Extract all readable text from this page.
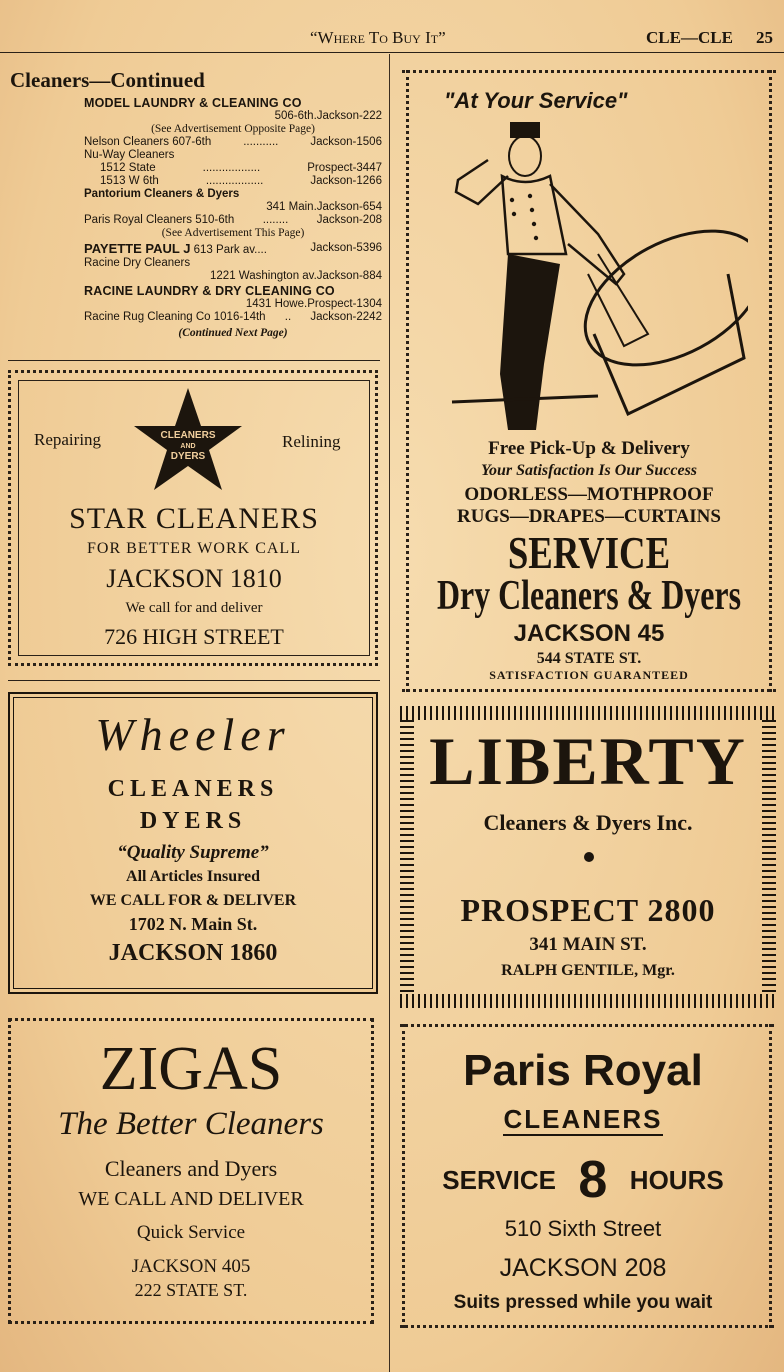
“Where To Buy It”	CLE—CLE 25
Cleaners—Continued
MODEL LAUNDRY & CLEANING CO
506-6th. Jackson-222
(See Advertisement Opposite Page)
Nelson Cleaners 607-6th	...........	Jackson-1506
Nu-Way Cleaners
1512 State	..................	Prospect-3447
1513 W 6th	..................	Jackson-1266
Pantorium Cleaners & Dyers
341 Main. Jackson-654
Paris Royal Cleaners 510-6th ........ Jackson-208
(See Advertisement This Page)
PAYETTE PAUL J 613 Park av....	Jackson-5396
Racine Dry Cleaners
1221 Washington av. Jackson-884
RACINE LAUNDRY & DRY CLEANING CO
1431 Howe. Prospect-1304
Racine Rug Cleaning Co 1016-14th .. Jackson-2242
(Continued Next Page)
Repairing	Relining
CLEANERS
AND
DYERS
STAR CLEANERS
FOR BETTER WORK CALL
JACKSON 1810
We call for and deliver
726 HIGH STREET
Wheeler
CLEANERS
DYERS
“Quality Supreme”
All Articles Insured
WE CALL FOR & DELIVER
1702 N. Main St.
JACKSON 1860
ZIGAS
The Better Cleaners
Cleaners and Dyers
WE CALL AND DELIVER
Quick Service
JACKSON 405
222 STATE ST.
"At Your Service"
Free Pick-Up & Delivery
Your Satisfaction Is Our Success
ODORLESS—MOTHPROOF
RUGS—DRAPES—CURTAINS
SERVICE
Dry Cleaners & Dyers
JACKSON 45
544 STATE ST.
SATISFACTION GUARANTEED
LIBERTY
Cleaners & Dyers Inc.
PROSPECT 2800
341 MAIN ST.
RALPH GENTILE, Mgr.
Paris Royal
CLEANERS
SERVICE 8 HOURS
510 Sixth Street
JACKSON 208
Suits pressed while you wait
